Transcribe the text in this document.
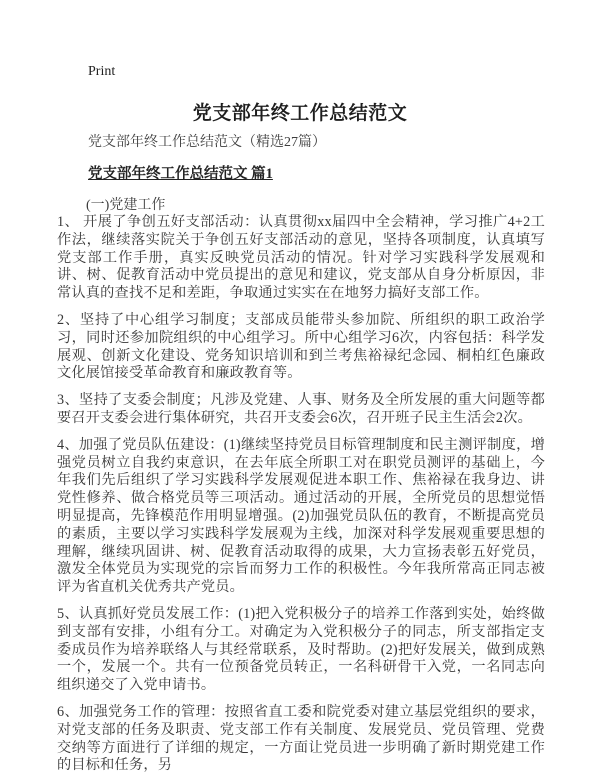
Print
党支部年终工作总结范文
党支部年终工作总结范文（精选27篇）
党支部年终工作总结范文 篇1
(一)党建工作

1、 开展了争创五好支部活动：认真贯彻xx届四中全会精神，学习推广4+2工作法，继续落实院关于争创五好支部活动的意见，坚持各项制度，认真填写党支部工作手册，真实反映党员活动的情况。针对学习实践科学发展观和讲、树、促教育活动中党员提出的意见和建议，党支部从自身分析原因，非常认真的查找不足和差距，争取通过实实在在地努力搞好支部工作。

2、坚持了中心组学习制度；支部成员能带头参加院、所组织的职工政治学习，同时还参加院组织的中心组学习。所中心组学习6次，内容包括：科学发展观、创新文化建设、党务知识培训和到兰考焦裕禄纪念园、桐柏红色廉政文化展馆接受革命教育和廉政教育等。

3、坚持了支委会制度；凡涉及党建、人事、财务及全所发展的重大问题等都要召开支委会进行集体研究，共召开支委会6次，召开班子民主生活会2次。

4、加强了党员队伍建设：(1)继续坚持党员目标管理制度和民主测评制度，增强党员树立自我约束意识，在去年底全所职工对在职党员测评的基础上，今年我们先后组织了学习实践科学发展观促进本职工作、焦裕禄在我身边、讲党性修养、做合格党员等三项活动。通过活动的开展，全所党员的思想觉悟明显提高，先锋模范作用明显增强。(2)加强党员队伍的教育，不断提高党员的素质，主要以学习实践科学发展观为主线，加深对科学发展观重要思想的理解，继续巩固讲、树、促教育活动取得的成果，大力宣扬表彰五好党员，激发全体党员为实现党的宗旨而努力工作的积极性。今年我所常高正同志被评为省直机关优秀共产党员。

5、认真抓好党员发展工作：(1)把入党积极分子的培养工作落到实处，始终做到支部有安排，小组有分工。对确定为入党积极分子的同志，所支部指定支委成员作为培养联络人与其经常联系，及时帮助。(2)把好发展关，做到成熟一个，发展一个。共有一位预备党员转正，一名科研骨干入党，一名同志向组织递交了入党申请书。

6、加强党务工作的管理：按照省直工委和院党委对建立基层党组织的要求，对党支部的任务及职责、党支部工作有关制度、发展党员、党员管理、党费交纳等方面进行了详细的规定，一方面让党员进一步明确了新时期党建工作的目标和任务，另
